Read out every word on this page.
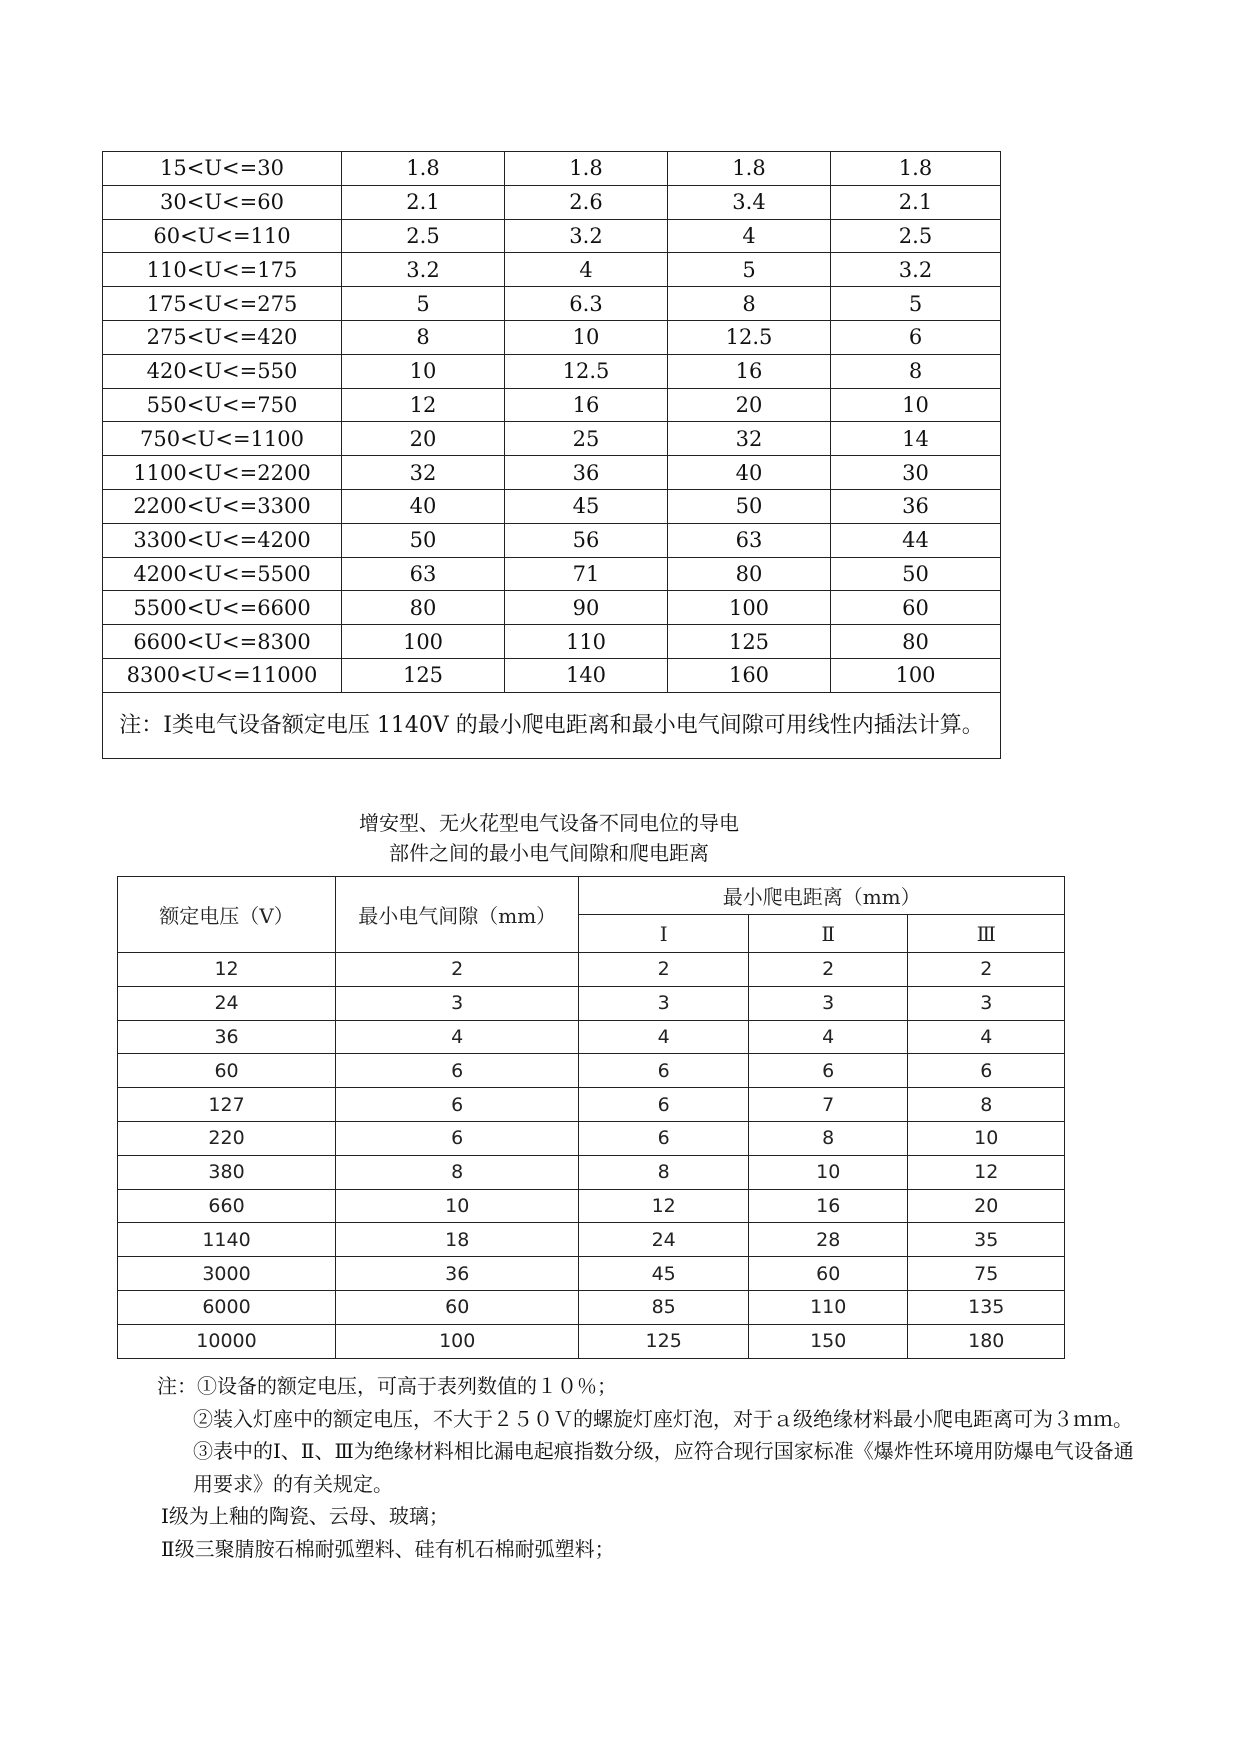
15<U<=30	1.8	1.8	1.8	1.8
30<U<=60	2.1	2.6	3.4	2.1
60<U<=110	2.5	3.2	4	2.5
110<U<=175	3.2	4	5	3.2
175<U<=275	5	6.3	8	5
275<U<=420	8	10	12.5	6
420<U<=550	10	12.5	16	8
550<U<=750	12	16	20	10
750<U<=1100	20	25	32	14
1100<U<=2200	32	36	40	30
2200<U<=3300	40	45	50	36
3300<U<=4200	50	56	63	44
4200<U<=5500	63	71	80	50
5500<U<=6600	80	90	100	60
6600<U<=8300	100	110	125	80
8300<U<=11000	125	140	160	100
注：Ⅰ类电气设备额定电压 1140V 的最小爬电距离和最小电气间隙可用线性内插法计算。				
增安型、无火花型电气设备不同电位的导电
部件之间的最小电气间隙和爬电距离
额定电压（V）	最小电气间隙（mm）	最小爬电距离（mm）		
		Ⅰ	Ⅱ	Ⅲ
12	2	2	2	2
24	3	3	3	3
36	4	4	4	4
60	6	6	6	6
127	6	6	7	8
220	6	6	8	10
380	8	8	10	12
660	10	12	16	20
1140	18	24	28	35
3000	36	45	60	75
6000	60	85	110	135
10000	100	125	150	180

注：①设备的额定电压，可高于表列数值的１０％；

②装入灯座中的额定电压，不大于２５０Ｖ的螺旋灯座灯泡，对于ａ级绝缘材料最小爬电距离可为３ｍｍ。

③表中的Ⅰ、Ⅱ、Ⅲ为绝缘材料相比漏电起痕指数分级，应符合现行国家标准《爆炸性环境用防爆电气设备通用要求》的有关规定。

Ⅰ级为上釉的陶瓷、云母、玻璃；

Ⅱ级三聚腈胺石棉耐弧塑料、硅有机石棉耐弧塑料；
